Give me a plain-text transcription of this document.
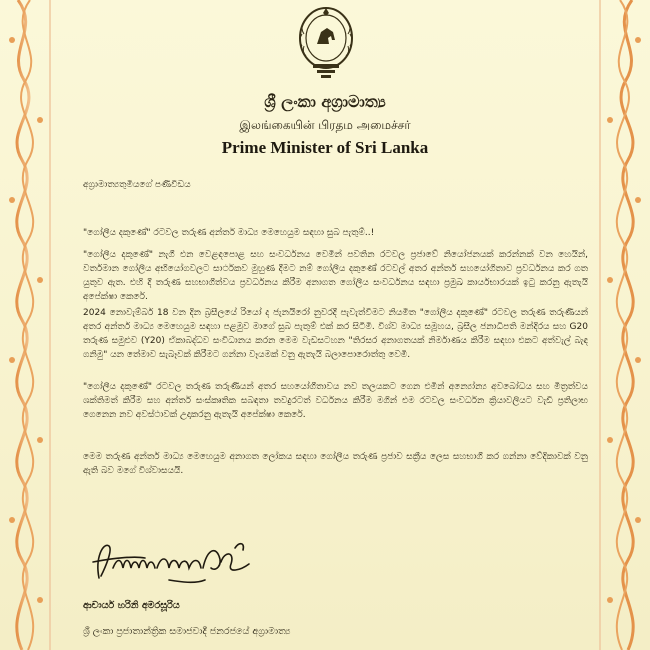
ශ්‍රී ලංකා අග්‍රාමාත්‍ය
இலங்கையின் பிரதம அமைச்சர்
Prime Minister of Sri Lanka
අග්‍රාමාත්‍යතුමියගේ පණිවිඩය
"ගෝලීය දකුණේ" රටවල තරුණ අන්තර් මාධ්‍ය මෙහෙයුම සඳහා සුබ පැතුම්..!
"ගෝලීය දකුණේ" නැගී එන වෙළඳපොළ සහ සංවර්ධනය වෙමින් පවතින රටවල ප්‍රජාවේ නියෝජනයක් කරන්නක් වන හෙයින්, වර්තමාන ගෝලීය අභියෝගවලට සාර්ථකව මුහුණ දීමට නම් ගෝලීය දකුණේ රටවල් අතර අන්තර් සහයෝගිතාව ප්‍රවර්ධනය කර ගත යුතුව ඇත. එහි දී තරුණ සහභාගීත්වය ප්‍රවර්ධනය කිරීම අනාගත ගෝලීය සංවර්ධනය සඳහා ප්‍රමුඛ කාර්යභාරයක් ඉටු කරනු ඇතැයි අපේක්ෂා කෙරේ.
2024 නොවැම්බර් 18 වන දින බ්‍රසීලයේ රියෝ ද ජැනයිරෝ නුවරදී පැවැත්වීමට නියමිත "ගෝලීය දකුණේ" රටවල තරුණ තරුණියන් අතර අන්තර් මාධ්‍ය මෙහෙයුම සඳහා පළමුව මාගේ සුබ පැතුම් එක් කර සිටිමි. විශ්ව මාධ්‍ය සමූහය, බ්‍රසීල ජනාධිපති මන්දිරය සහ G20 තරුණ සමුළුව (Y20) ඒකාබද්ධව සංවිධානය කරන මෙම වැඩසටහන "තිරසර අනාගතයක් නිර්මාණය කිරීම සඳහා එකට අත්වැල් බැඳ ගනිමු" යන තේමාව සැබෑවක් කිරීමට ගන්නා වෑයමක් වනු ඇතැයි බලාපොරොත්තු වෙමි.
"ගෝලීය දකුණේ" රටවල තරුණ තරුණියන් අතර සහයෝගීතාවය නව තලයකට ගෙන එමින් අන්‍යෝන්‍ය අවබෝධය සහ මිත්‍රත්වය ශක්තිමත් කිරීම සහ අන්තර් සංස්කෘතික සබඳතා තවදුරටත් වර්ධනය කිරීම මගින් එම රටවල සංවර්ධන ක්‍රියාවලියට වැඩි ප්‍රතිලාභ ගෙනෙන නව අවස්ථාවක් උදාකරනු ඇතැයි අපේක්ෂා කෙරේ.
මෙම තරුණ අන්තර් මාධ්‍ය මෙහෙයුම අනාගත ලෝකය සඳහා ගෝලීය තරුණ ප්‍රජාව සක්‍රීය ලෙස සහභාගී කර ගන්නා වේදිකාවක් වනු ඇති බව මගේ විශ්වාසයයි.
ආචාර්ය හරිනි අමරසූරිය
ශ්‍රී ලංකා ප්‍රජාතාන්ත්‍රික සමාජවාදී ජනරජයේ අග්‍රාමාත්‍ය
